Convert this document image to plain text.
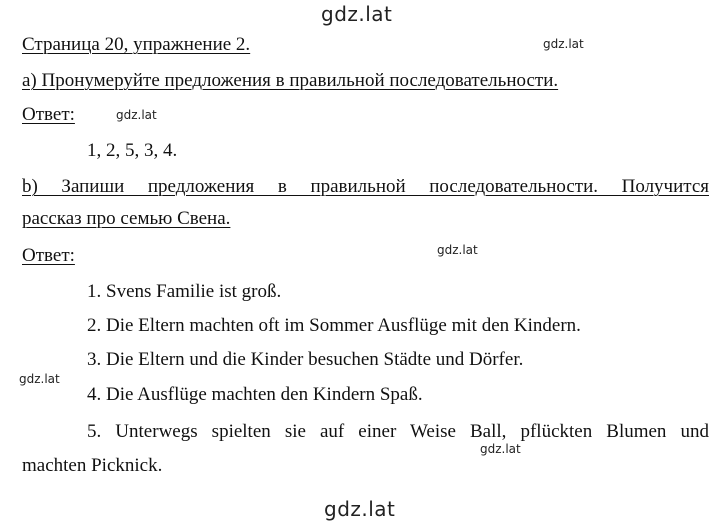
gdz.lat
gdz.lat
gdz.lat
gdz.lat
gdz.lat
gdz.lat
gdz.lat
Страница 20, упражнение 2.
a) Пронумеруйте предложения в правильной последовательности.
Ответ:
1, 2, 5, 3, 4.
b) Запиши предложения в правильной последовательности. Получится
рассказ про семью Свена.
Ответ:
1. Svens Familie ist groß.
2. Die Eltern machten oft im Sommer Ausflüge mit den Kindern.
3. Die Eltern und die Kinder besuchen Städte und Dörfer.
4. Die Ausflüge machten den Kindern Spaß.
5. Unterwegs spielten sie auf einer Weise Ball, pflückten Blumen und
machten Picknick.
